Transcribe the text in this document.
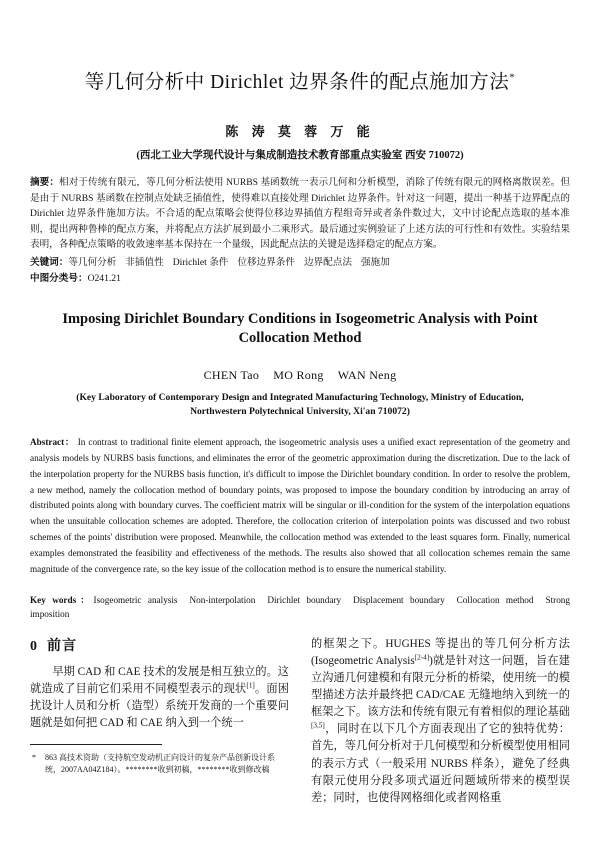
等几何分析中 Dirichlet 边界条件的配点施加方法*
陈 涛 莫 蓉 万 能
(西北工业大学现代设计与集成制造技术教育部重点实验室 西安 710072)

摘要：相对于传统有限元，等几何分析法使用 NURBS 基函数统一表示几何和分析模型，消除了传统有限元的网格离散误差。但是由于 NURBS 基函数在控制点处缺乏插值性，使得难以直接处理 Dirichlet 边界条件。针对这一问题，提出一种基于边界配点的 Dirichlet 边界条件施加方法。不合适的配点策略会使得位移边界插值方程组奇异或者条件数过大，文中讨论配点选取的基本准则，提出两种鲁棒的配点方案，并将配点方法扩展到最小二乘形式。最后通过实例验证了上述方法的可行性和有效性。实验结果表明，各种配点策略的收敛速率基本保持在一个量级，因此配点法的关键是选择稳定的配点方案。

关键词：等几何分析 非插值性 Dirichlet 条件 位移边界条件 边界配点法 强施加
中图分类号：O241.21
Imposing Dirichlet Boundary Conditions in Isogeometric Analysis with Point Collocation Method
CHEN Tao MO Rong WAN Neng
(Key Laboratory of Contemporary Design and Integrated Manufacturing Technology, Ministry of Education,
Northwestern Polytechnical University, Xi'an 710072)

Abstract： In contrast to traditional finite element approach, the isogeometric analysis uses a unified exact representation of the geometry and analysis models by NURBS basis functions, and eliminates the error of the geometric approximation during the discretization. Due to the lack of the interpolation property for the NURBS basis function, it's difficult to impose the Dirichlet boundary condition. In order to resolve the problem, a new method, namely the collocation method of boundary points, was proposed to impose the boundary condition by introducing an array of distributed points along with boundary curves. The coefficient matrix will be singular or ill-condition for the system of the interpolation equations when the unsuitable collocation schemes are adopted. Therefore, the collocation criterion of interpolation points was discussed and two robust schemes of the points' distribution were proposed. Meanwhile, the collocation method was extended to the least squares form. Finally, numerical examples demonstrated the feasibility and effectiveness of the methods. The results also showed that all collocation schemes remain the same magnitude of the convergence rate, so the key issue of the collocation method is to ensure the numerical stability.

Key words：Isogeometric analysis Non-interpolation Dirichlet boundary Displacement boundary Collocation method Strong imposition
0 前言

早期 CAD 和 CAE 技术的发展是相互独立的。这就造成了目前它们采用不同模型表示的现状[1]。面困扰设计人员和分析（造型）系统开发商的一个重要问题就是如何把 CAD 和 CAE 纳入到一个统一

* 863 高技术资助（支持航空发动机正向设计的复杂产品创新设计系
统，2007AA04Z184）。********收到初稿，********收到修改稿

的框架之下。HUGHES 等提出的等几何分析方法(Isogeometric Analysis[2-4])就是针对这一问题，旨在建立沟通几何建模和有限元分析的桥梁，使用统一的模型描述方法并最终把 CAD/CAE 无缝地纳入到统一的框架之下。该方法和传统有限元有着相似的理论基础[3,5]，同时在以下几个方面表现出了它的独特优势：首先，等几何分析对于几何模型和分析模型使用相同的表示方式（一般采用 NURBS 样条），避免了经典有限元使用分段多项式逼近问题域所带来的模型误差；同时，也使得网格细化或者网格重
